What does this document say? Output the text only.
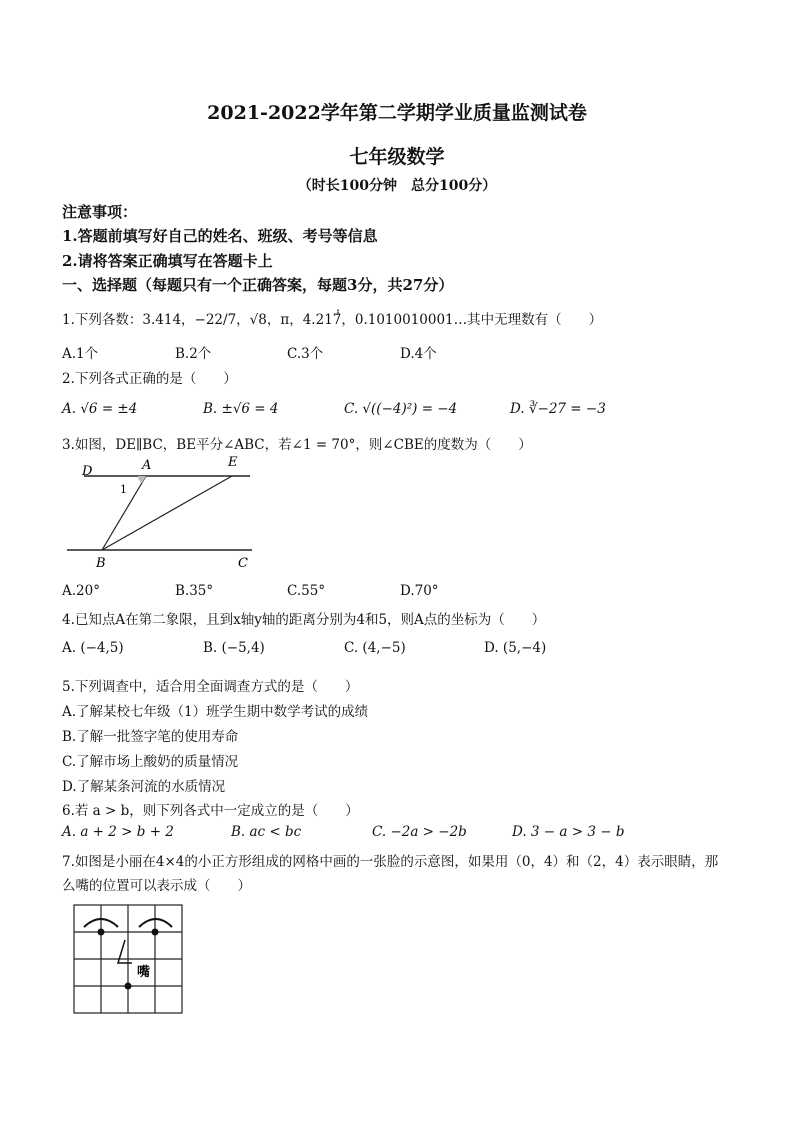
2021-2022学年第二学期学业质量监测试卷
七年级数学
（时长100分钟　总分100分）
注意事项：
1.答题前填写好自己的姓名、班级、考号等信息
2.请将答案正确填写在答题卡上
一、选择题（每题只有一个正确答案，每题3分，共27分）
1.下列各数：3.414，−22/7，√8，π，4.217̇̇̇，0.1010010001…其中无理数有（　　）
A.1个	B.2个	C.3个	D.4个
2.下列各式正确的是（　　）
A. √6 = ±4	B. ±√6 = 4	C. √((−4)²) = −4	D. ∛−27 = −3
3.如图，DE∥BC，BE平分∠ABC，若∠1 = 70°，则∠CBE的度数为（　　）
D	A	E
1
B	C
A.20°	B.35°	C.55°	D.70°
4.已知点A在第二象限，且到x轴y轴的距离分别为4和5，则A点的坐标为（　　）
A. (−4,5)	B. (−5,4)	C. (4,−5)	D. (5,−4)
5.下列调查中，适合用全面调查方式的是（　　）
A.了解某校七年级（1）班学生期中数学考试的成绩
B.了解一批签字笔的使用寿命
C.了解市场上酸奶的质量情况
D.了解某条河流的水质情况
6.若 a > b，则下列各式中一定成立的是（　　）
A. a + 2 > b + 2	B. ac < bc	C. −2a > −2b	D. 3 − a > 3 − b
7.如图是小丽在4×4的小正方形组成的网格中画的一张脸的示意图，如果用（0，4）和（2，4）表示眼睛，那
么嘴的位置可以表示成（　　）
嘴
